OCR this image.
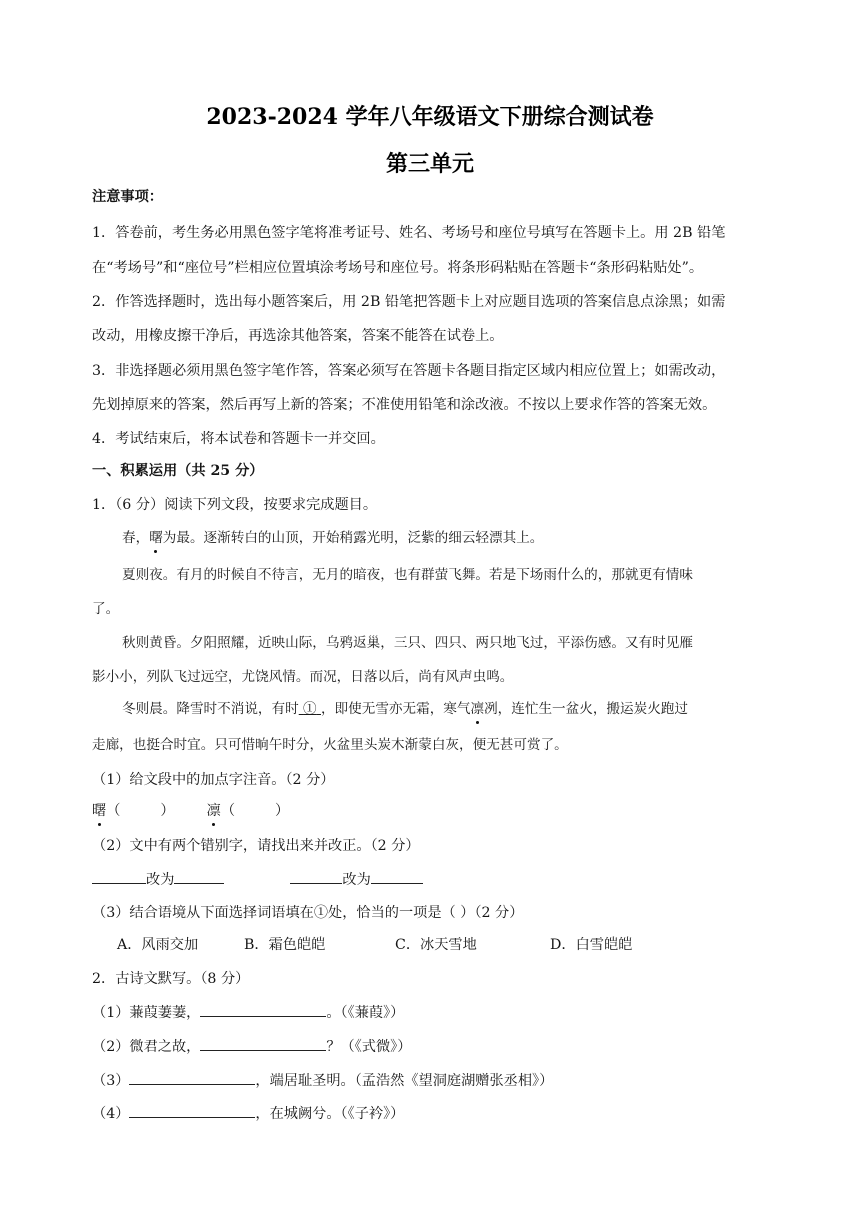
2023-2024 学年八年级语文下册综合测试卷
第三单元
注意事项：
1．答卷前，考生务必用黑色签字笔将准考证号、姓名、考场号和座位号填写在答题卡上。用 2B 铅笔
在“考场号”和“座位号”栏相应位置填涂考场号和座位号。将条形码粘贴在答题卡“条形码粘贴处”。
2．作答选择题时，选出每小题答案后，用 2B 铅笔把答题卡上对应题目选项的答案信息点涂黑；如需
改动，用橡皮擦干净后，再选涂其他答案，答案不能答在试卷上。
3．非选择题必须用黑色签字笔作答，答案必须写在答题卡各题目指定区域内相应位置上；如需改动，
先划掉原来的答案，然后再写上新的答案；不准使用铅笔和涂改液。不按以上要求作答的答案无效。
4．考试结束后，将本试卷和答题卡一并交回。
一、积累运用（共 25 分）
1．（6 分）阅读下列文段，按要求完成题目。
春，曙为最。逐渐转白的山顶，开始稍露光明，泛紫的细云轻漂其上。
夏则夜。有月的时候自不待言，无月的暗夜，也有群萤飞舞。若是下场雨什么的，那就更有情味
了。
秋则黄昏。夕阳照耀，近映山际，乌鸦返巢，三只、四只、两只地飞过，平添伤感。又有时见雁
影小小，列队飞过远空，尤饶风情。而况，日落以后，尚有风声虫鸣。
冬则晨。降雪时不消说，有时 ① ，即使无雪亦无霜，寒气凛冽，连忙生一盆火，搬运炭火跑过
走廊，也挺合时宜。只可惜晌午时分，火盆里头炭木渐蒙白灰，便无甚可赏了。
（1）给文段中的加点字注音。（2 分）
曙（	） 凛（	）
（2）文中有两个错别字，请找出来并改正。（2 分）
改为	改为
（3）结合语境从下面选择词语填在①处，恰当的一项是（ ）（2 分）
A．风雨交加	B．霜色皑皑	C．冰天雪地	D．白雪皑皑
2．古诗文默写。（8 分）
（1）蒹葭萋萋，	。（《蒹葭》）
（2）微君之故，	？（《式微》）
（3）	，端居耻圣明。（孟浩然《望洞庭湖赠张丞相》）
（4）	，在城阙兮。（《子衿》）
